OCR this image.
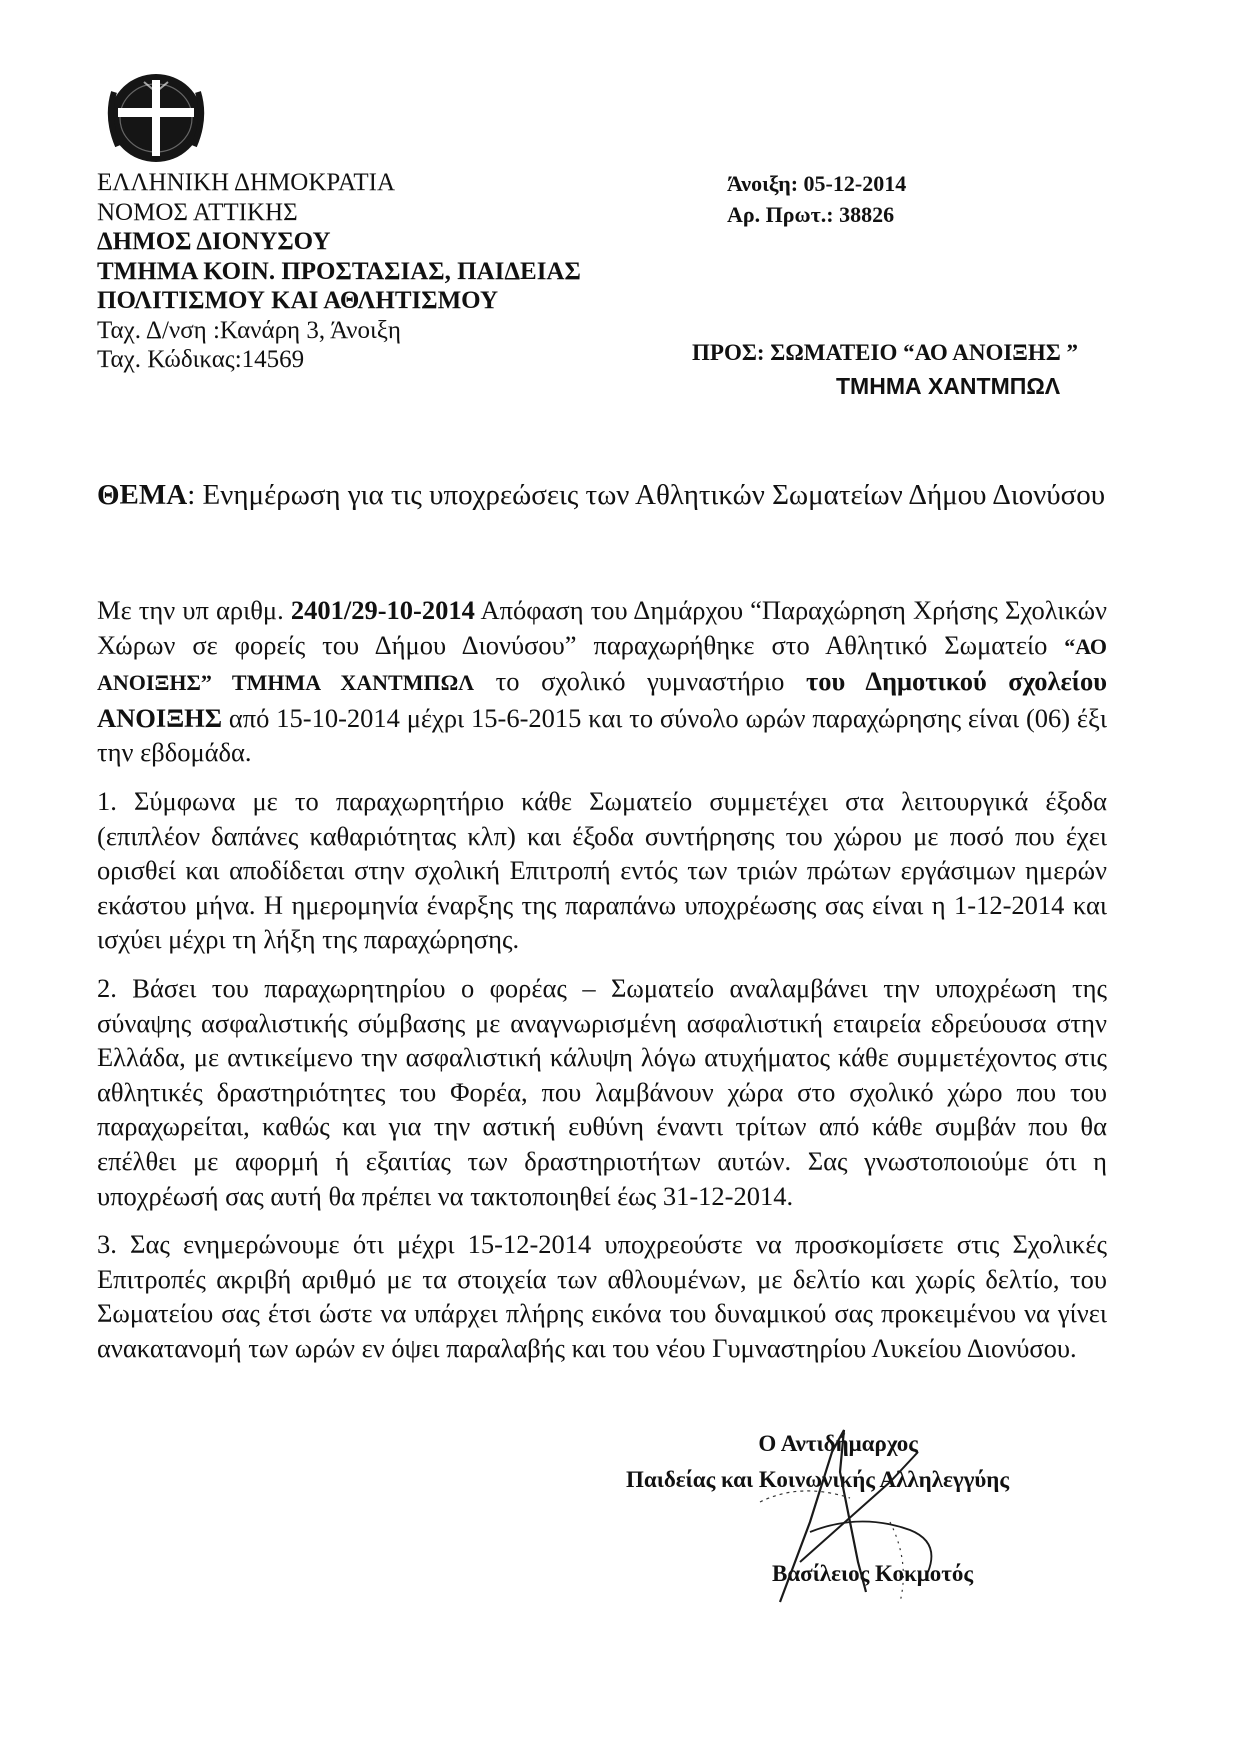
ΕΛΛΗΝΙΚΗ ΔΗΜΟΚΡΑΤΙΑ
ΝΟΜΟΣ ΑΤΤΙΚΗΣ
ΔΗΜΟΣ ΔΙΟΝΥΣΟΥ
ΤΜΗΜΑ ΚΟΙΝ. ΠΡΟΣΤΑΣΙΑΣ, ΠΑΙΔΕΙΑΣ
ΠΟΛΙΤΙΣΜΟΥ ΚΑΙ ΑΘΛΗΤΙΣΜΟΥ
Ταχ. Δ/νση :Κανάρη 3, Άνοιξη
Ταχ. Κώδικας:14569
Άνοιξη: 05-12-2014
Αρ. Πρωτ.: 38826
ΠΡΟΣ: ΣΩΜΑΤΕΙΟ “ΑΟ ΑΝΟΙΞΗΣ ”
ΤΜΗΜΑ ΧΑΝΤΜΠΩΛ
ΘΕΜΑ: Ενημέρωση για τις υποχρεώσεις των Αθλητικών Σωματείων Δήμου Διονύσου

Με την υπ αριθμ. 2401/29-10-2014 Απόφαση του Δημάρχου “Παραχώρηση Χρήσης Σχολικών Χώρων σε φορείς του Δήμου Διονύσου” παραχωρήθηκε στο Αθλητικό Σωματείο “ΑΟ ΑΝΟΙΞΗΣ” ΤΜΗΜΑ ΧΑΝΤΜΠΩΛ το σχολικό γυμναστήριο του Δημοτικού σχολείου ΑΝΟΙΞΗΣ από 15-10-2014 μέχρι 15-6-2015 και το σύνολο ωρών παραχώρησης είναι (06) έξι την εβδομάδα.

1. Σύμφωνα με το παραχωρητήριο κάθε Σωματείο συμμετέχει στα λειτουργικά έξοδα (επιπλέον δαπάνες καθαριότητας κλπ) και έξοδα συντήρησης του χώρου με ποσό που έχει ορισθεί και αποδίδεται στην σχολική Επιτροπή εντός των τριών πρώτων εργάσιμων ημερών εκάστου μήνα. Η ημερομηνία έναρξης της παραπάνω υποχρέωσης σας είναι η 1-12-2014 και ισχύει μέχρι τη λήξη της παραχώρησης.

2. Βάσει του παραχωρητηρίου ο φορέας – Σωματείο αναλαμβάνει την υποχρέωση της σύναψης ασφαλιστικής σύμβασης με αναγνωρισμένη ασφαλιστική εταιρεία εδρεύουσα στην Ελλάδα, με αντικείμενο την ασφαλιστική κάλυψη λόγω ατυχήματος κάθε συμμετέχοντος στις αθλητικές δραστηριότητες του Φορέα, που λαμβάνουν χώρα στο σχολικό χώρο που του παραχωρείται, καθώς και για την αστική ευθύνη έναντι τρίτων από κάθε συμβάν που θα επέλθει με αφορμή ή εξαιτίας των δραστηριοτήτων αυτών. Σας γνωστοποιούμε ότι η υποχρέωσή σας αυτή θα πρέπει να τακτοποιηθεί έως 31-12-2014.

3. Σας ενημερώνουμε ότι μέχρι 15-12-2014 υποχρεούστε να προσκομίσετε στις Σχολικές Επιτροπές ακριβή αριθμό με τα στοιχεία των αθλουμένων, με δελτίο και χωρίς δελτίο, του Σωματείου σας έτσι ώστε να υπάρχει πλήρης εικόνα του δυναμικού σας προκειμένου να γίνει ανακατανομή των ωρών εν όψει παραλαβής και του νέου Γυμναστηρίου Λυκείου Διονύσου.

Ο Αντιδήμαρχος
Παιδείας και Κοινωνικής Αλληλεγγύης
Βασίλειος Κοκμοτός
